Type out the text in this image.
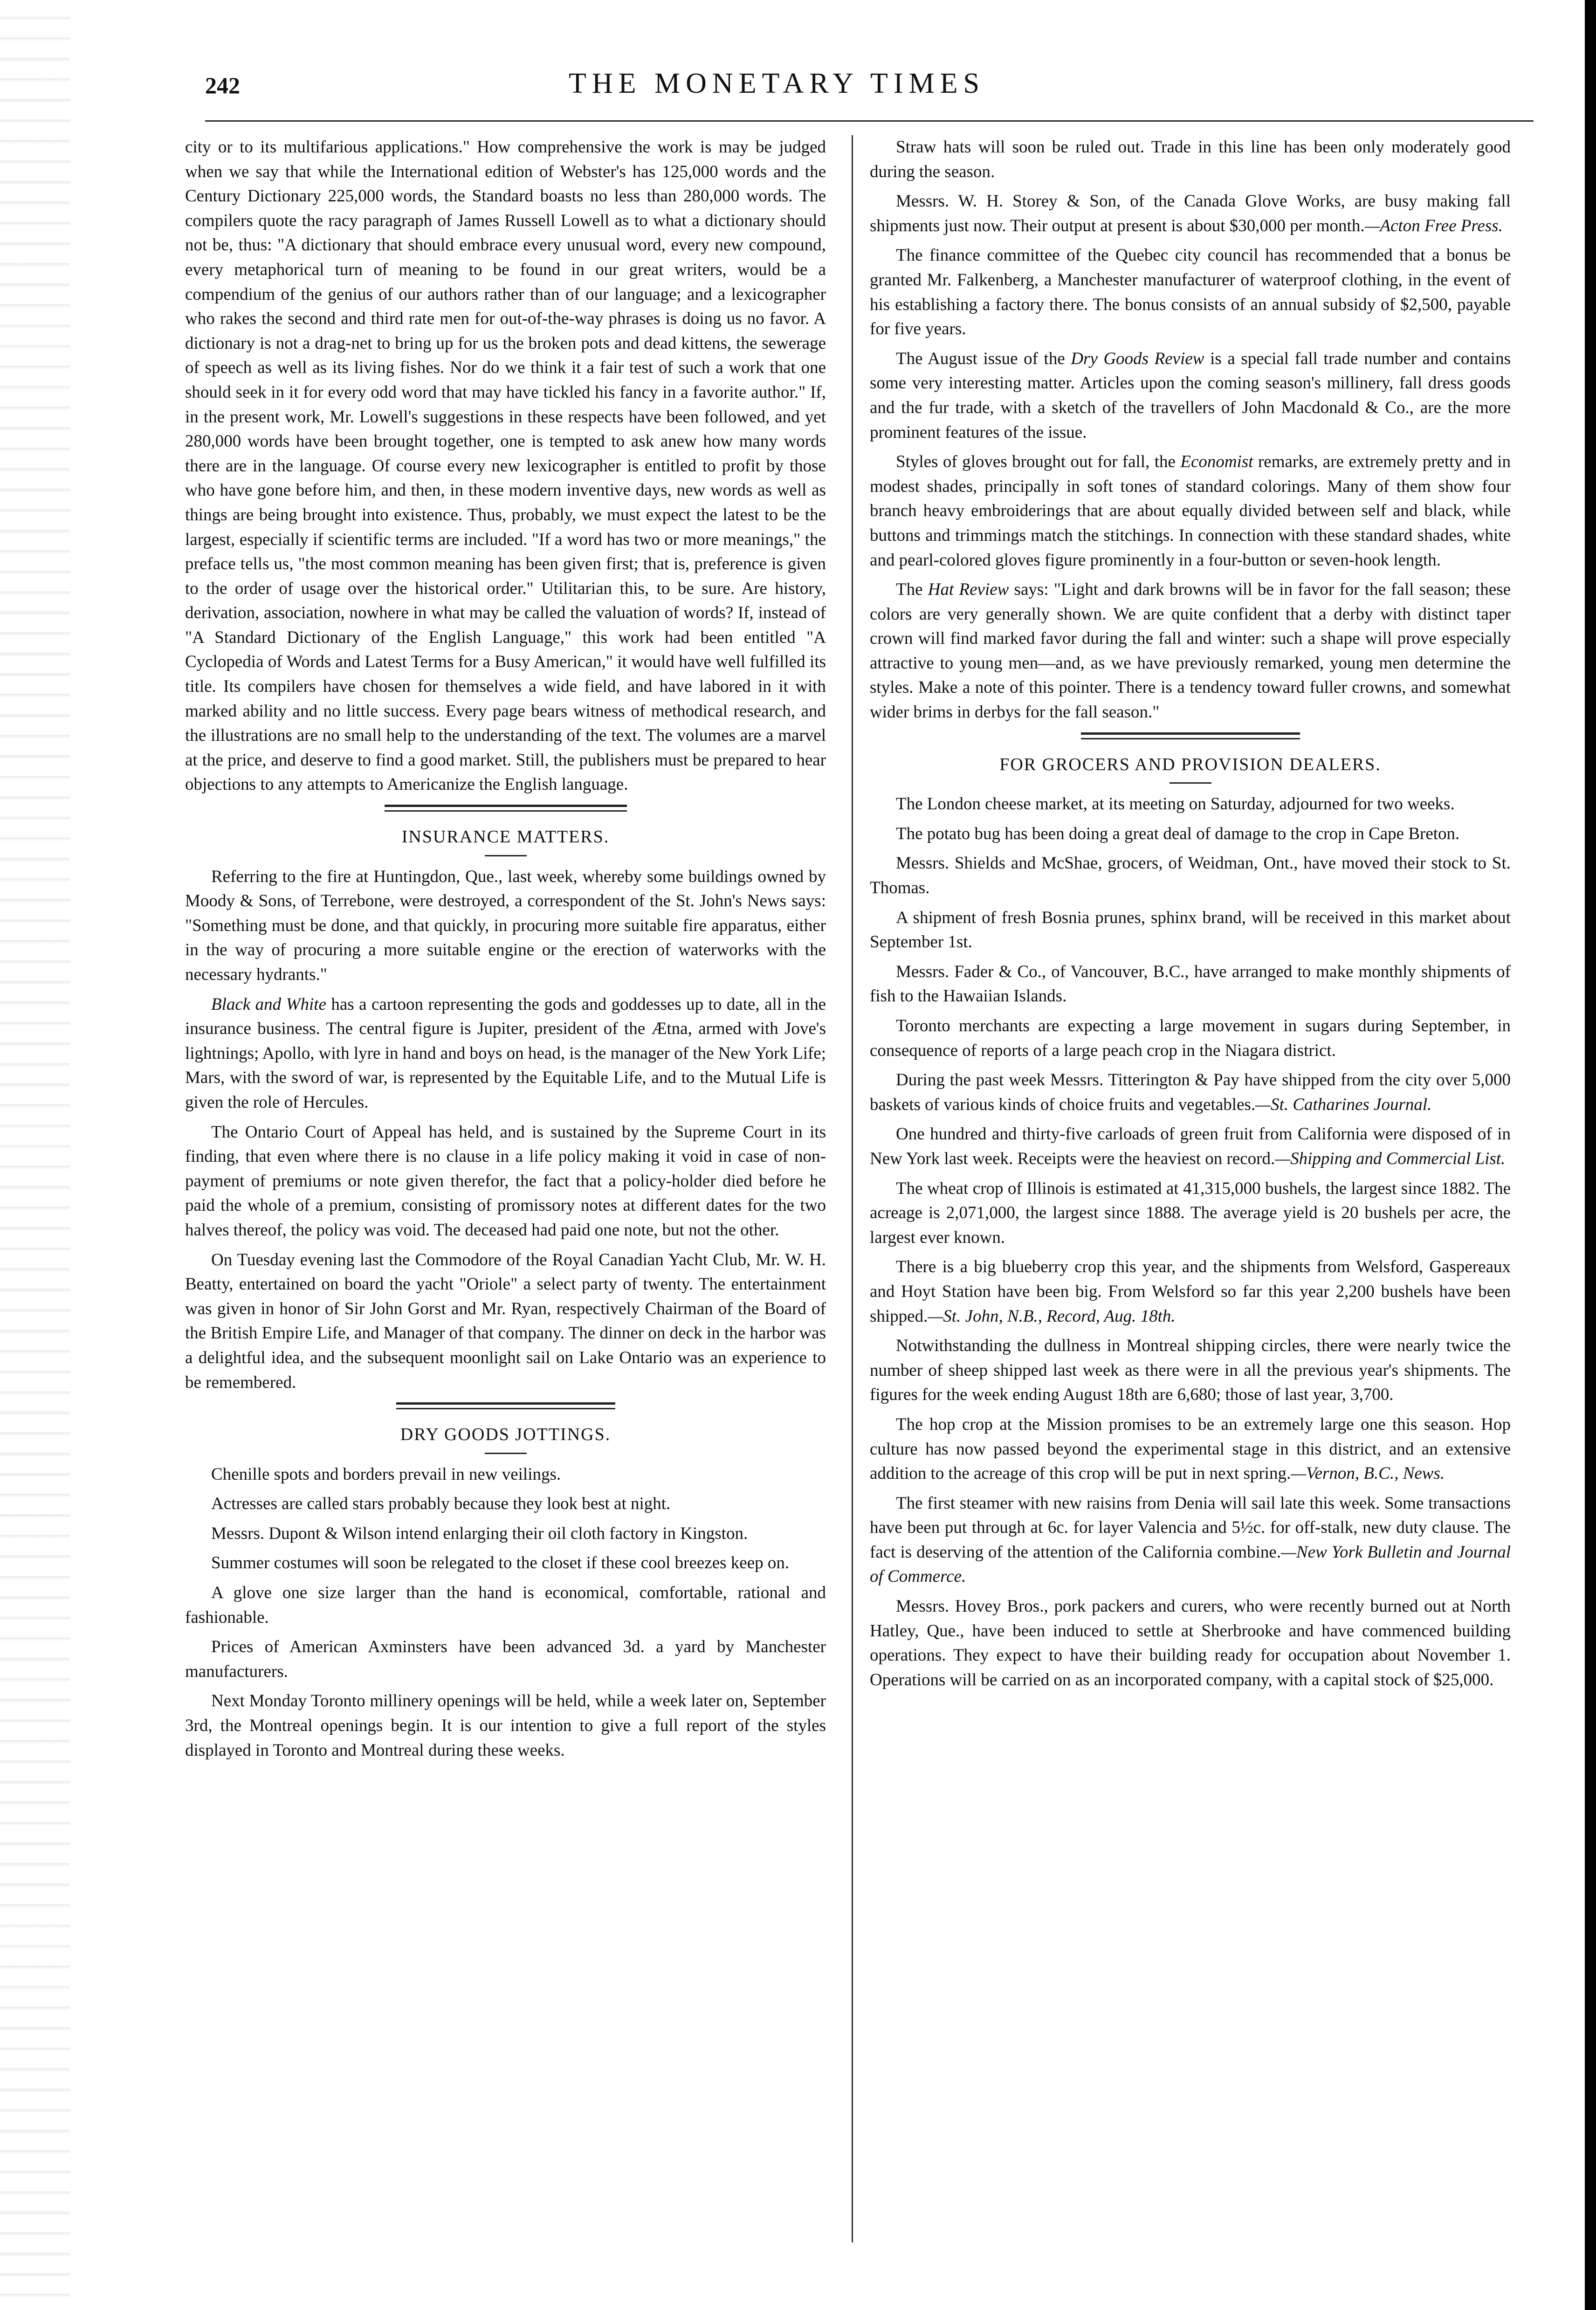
242	THE MONETARY TIMES

city or to its multifarious applications." How comprehensive the work is may be judged when we say that while the International edition of Webster's has 125,000 words and the Century Dictionary 225,000 words, the Standard boasts no less than 280,000 words. The compilers quote the racy paragraph of James Russell Lowell as to what a dictionary should not be, thus: "A dictionary that should embrace every unusual word, every new compound, every metaphorical turn of meaning to be found in our great writers, would be a compendium of the genius of our authors rather than of our language; and a lexicographer who rakes the second and third rate men for out-of-the-way phrases is doing us no favor. A dictionary is not a drag-net to bring up for us the broken pots and dead kittens, the sewerage of speech as well as its living fishes. Nor do we think it a fair test of such a work that one should seek in it for every odd word that may have tickled his fancy in a favorite author." If, in the present work, Mr. Lowell's suggestions in these respects have been followed, and yet 280,000 words have been brought together, one is tempted to ask anew how many words there are in the language. Of course every new lexicographer is entitled to profit by those who have gone before him, and then, in these modern inventive days, new words as well as things are being brought into existence. Thus, probably, we must expect the latest to be the largest, especially if scientific terms are included. "If a word has two or more meanings," the preface tells us, "the most common meaning has been given first; that is, preference is given to the order of usage over the historical order." Utilitarian this, to be sure. Are history, derivation, association, nowhere in what may be called the valuation of words? If, instead of "A Standard Dictionary of the English Language," this work had been entitled "A Cyclopedia of Words and Latest Terms for a Busy American," it would have well fulfilled its title. Its compilers have chosen for themselves a wide field, and have labored in it with marked ability and no little success. Every page bears witness of methodical research, and the illustrations are no small help to the understanding of the text. The volumes are a marvel at the price, and deserve to find a good market. Still, the publishers must be prepared to hear objections to any attempts to Americanize the English language.

INSURANCE MATTERS.

Referring to the fire at Huntingdon, Que., last week, whereby some buildings owned by Moody & Sons, of Terrebone, were destroyed, a correspondent of the St. John's News says: "Something must be done, and that quickly, in procuring more suitable fire apparatus, either in the way of procuring a more suitable engine or the erection of waterworks with the necessary hydrants."

Black and White has a cartoon representing the gods and goddesses up to date, all in the insurance business. The central figure is Jupiter, president of the Ætna, armed with Jove's lightnings; Apollo, with lyre in hand and boys on head, is the manager of the New York Life; Mars, with the sword of war, is represented by the Equitable Life, and to the Mutual Life is given the role of Hercules.

The Ontario Court of Appeal has held, and is sustained by the Supreme Court in its finding, that even where there is no clause in a life policy making it void in case of non-payment of premiums or note given therefor, the fact that a policy-holder died before he paid the whole of a premium, consisting of promissory notes at different dates for the two halves thereof, the policy was void. The deceased had paid one note, but not the other.

On Tuesday evening last the Commodore of the Royal Canadian Yacht Club, Mr. W. H. Beatty, entertained on board the yacht "Oriole" a select party of twenty. The entertainment was given in honor of Sir John Gorst and Mr. Ryan, respectively Chairman of the Board of the British Empire Life, and Manager of that company. The dinner on deck in the harbor was a delightful idea, and the subsequent moonlight sail on Lake Ontario was an experience to be remembered.

DRY GOODS JOTTINGS.

Chenille spots and borders prevail in new veilings.

Actresses are called stars probably because they look best at night.

Messrs. Dupont & Wilson intend enlarging their oil cloth factory in Kingston.

Summer costumes will soon be relegated to the closet if these cool breezes keep on.

A glove one size larger than the hand is economical, comfortable, rational and fashionable.

Prices of American Axminsters have been advanced 3d. a yard by Manchester manufacturers.

Next Monday Toronto millinery openings will be held, while a week later on, September 3rd, the Montreal openings begin. It is our intention to give a full report of the styles displayed in Toronto and Montreal during these weeks.

Straw hats will soon be ruled out. Trade in this line has been only moderately good during the season.

Messrs. W. H. Storey & Son, of the Canada Glove Works, are busy making fall shipments just now. Their output at present is about $30,000 per month.—Acton Free Press.

The finance committee of the Quebec city council has recommended that a bonus be granted Mr. Falkenberg, a Manchester manufacturer of waterproof clothing, in the event of his establishing a factory there. The bonus consists of an annual subsidy of $2,500, payable for five years.

The August issue of the Dry Goods Review is a special fall trade number and contains some very interesting matter. Articles upon the coming season's millinery, fall dress goods and the fur trade, with a sketch of the travellers of John Macdonald & Co., are the more prominent features of the issue.

Styles of gloves brought out for fall, the Economist remarks, are extremely pretty and in modest shades, principally in soft tones of standard colorings. Many of them show four branch heavy embroiderings that are about equally divided between self and black, while buttons and trimmings match the stitchings. In connection with these standard shades, white and pearl-colored gloves figure prominently in a four-button or seven-hook length.

The Hat Review says: "Light and dark browns will be in favor for the fall season; these colors are very generally shown. We are quite confident that a derby with distinct taper crown will find marked favor during the fall and winter: such a shape will prove especially attractive to young men—and, as we have previously remarked, young men determine the styles. Make a note of this pointer. There is a tendency toward fuller crowns, and somewhat wider brims in derbys for the fall season."

FOR GROCERS AND PROVISION DEALERS.

The London cheese market, at its meeting on Saturday, adjourned for two weeks.

The potato bug has been doing a great deal of damage to the crop in Cape Breton.

Messrs. Shields and McShae, grocers, of Weidman, Ont., have moved their stock to St. Thomas.

A shipment of fresh Bosnia prunes, sphinx brand, will be received in this market about September 1st.

Messrs. Fader & Co., of Vancouver, B.C., have arranged to make monthly shipments of fish to the Hawaiian Islands.

Toronto merchants are expecting a large movement in sugars during September, in consequence of reports of a large peach crop in the Niagara district.

During the past week Messrs. Titterington & Pay have shipped from the city over 5,000 baskets of various kinds of choice fruits and vegetables.—St. Catharines Journal.

One hundred and thirty-five carloads of green fruit from California were disposed of in New York last week. Receipts were the heaviest on record.—Shipping and Commercial List.

The wheat crop of Illinois is estimated at 41,315,000 bushels, the largest since 1882. The acreage is 2,071,000, the largest since 1888. The average yield is 20 bushels per acre, the largest ever known.

There is a big blueberry crop this year, and the shipments from Welsford, Gaspereaux and Hoyt Station have been big. From Welsford so far this year 2,200 bushels have been shipped.—St. John, N.B., Record, Aug. 18th.

Notwithstanding the dullness in Montreal shipping circles, there were nearly twice the number of sheep shipped last week as there were in all the previous year's shipments. The figures for the week ending August 18th are 6,680; those of last year, 3,700.

The hop crop at the Mission promises to be an extremely large one this season. Hop culture has now passed beyond the experimental stage in this district, and an extensive addition to the acreage of this crop will be put in next spring.—Vernon, B.C., News.

The first steamer with new raisins from Denia will sail late this week. Some transactions have been put through at 6c. for layer Valencia and 5½c. for off-stalk, new duty clause. The fact is deserving of the attention of the California combine.—New York Bulletin and Journal of Commerce.

Messrs. Hovey Bros., pork packers and curers, who were recently burned out at North Hatley, Que., have been induced to settle at Sherbrooke and have commenced building operations. They expect to have their building ready for occupation about November 1. Operations will be carried on as an incorporated company, with a capital stock of $25,000.
